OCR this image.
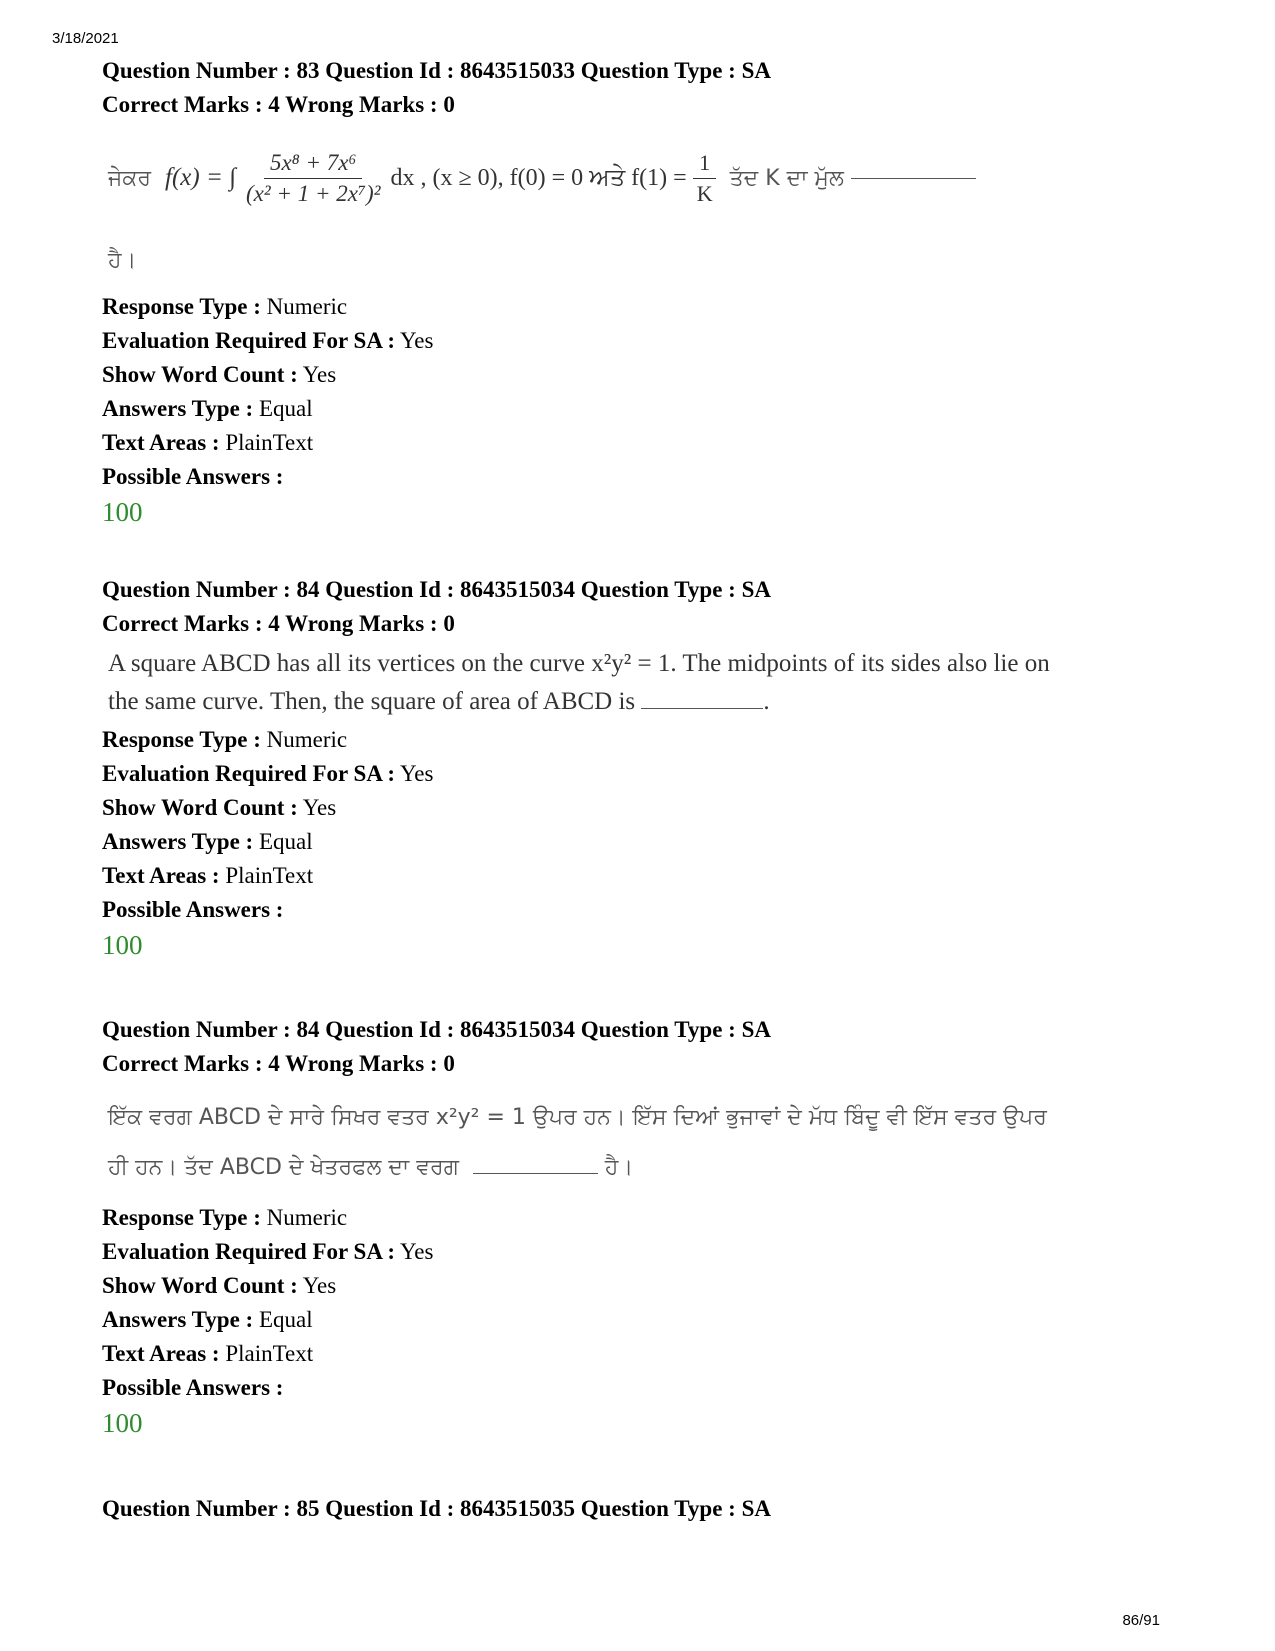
3/18/2021
Question Number : 83 Question Id : 8643515033 Question Type : SA
Correct Marks : 4 Wrong Marks : 0
ਜੇਕਰ
f(x) = ∫ $\frac{\text{5x⁸ + 7x⁶}}{\text{(x² + 1 + 2x⁷)²}}$ dx , (x ≥ 0), f(0) = 0 ਅਤੇ $f(1) = \frac{1}{K}$
ਤੱਦ K ਦਾ ਮੁੱਲ

ਹੈ।
Response Type : Numeric
Evaluation Required For SA : Yes
Show Word Count : Yes
Answers Type : Equal
Text Areas : PlainText
Possible Answers :
100
Question Number : 84 Question Id : 8643515034 Question Type : SA
Correct Marks : 4 Wrong Marks : 0
A square ABCD has all its vertices on the curve x²y² = 1. The midpoints of its sides also lie on
the same curve. Then, the square of area of ABCD is	.
Response Type : Numeric
Evaluation Required For SA : Yes
Show Word Count : Yes
Answers Type : Equal
Text Areas : PlainText
Possible Answers :
100
Question Number : 84 Question Id : 8643515034 Question Type : SA
Correct Marks : 4 Wrong Marks : 0
ਇੱਕ ਵਰਗ ABCD ਦੇ ਸਾਰੇ ਸਿਖਰ ਵਤਰ x²y² = 1 ਉਪਰ ਹਨ। ਇੱਸ ਦਿਆਂ ਭੁਜਾਵਾਂ ਦੇ ਮੱਧ ਬਿੰਦੂ ਵੀ ਇੱਸ ਵਤਰ ਉਪਰ
ਹੀ ਹਨ। ਤੱਦ ABCD ਦੇ ਖੇਤਰਫਲ ਦਾ ਵਰਗ	ਹੈ।
Response Type : Numeric
Evaluation Required For SA : Yes
Show Word Count : Yes
Answers Type : Equal
Text Areas : PlainText
Possible Answers :
100
Question Number : 85 Question Id : 8643515035 Question Type : SA
86/91
